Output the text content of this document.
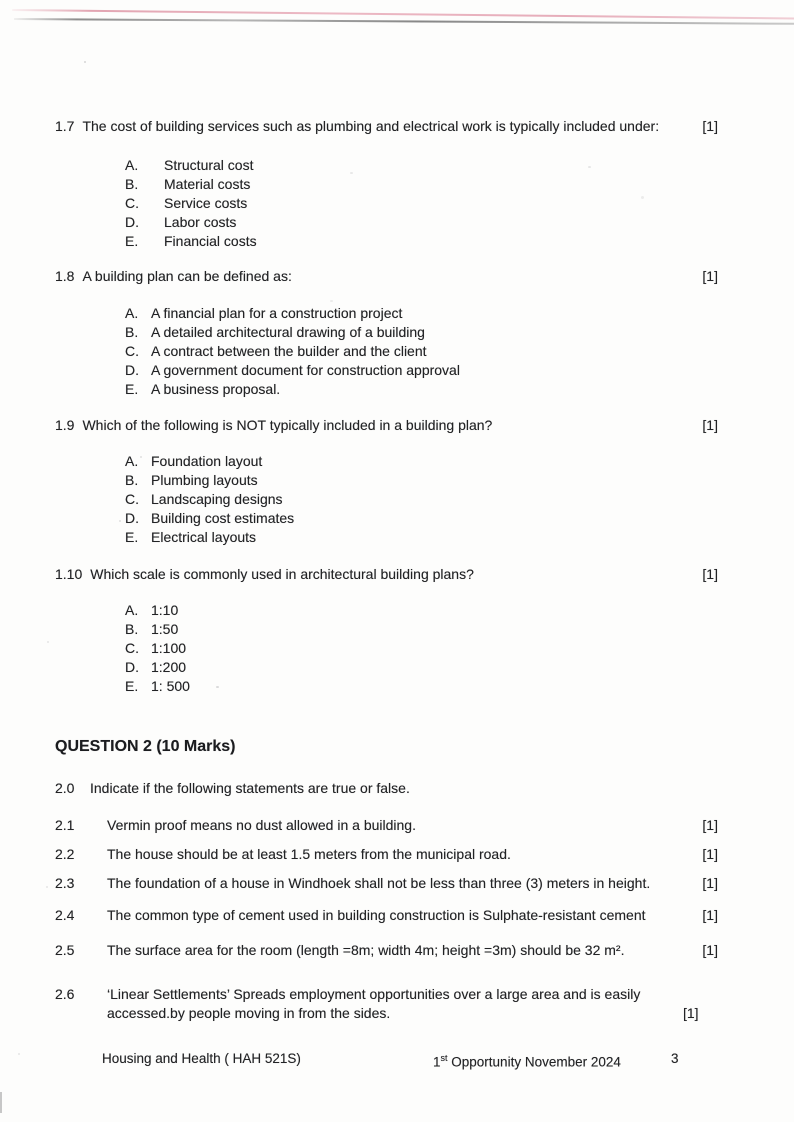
1.7 The cost of building services such as plumbing and electrical work is typically included under:	[1]
A.	Structural cost
B.	Material costs
C.	Service costs
D.	Labor costs
E.	Financial costs
1.8 A building plan can be defined as:	[1]
A. A financial plan for a construction project
B. A detailed architectural drawing of a building
C. A contract between the builder and the client
D. A government document for construction approval
E. A business proposal.
1.9 Which of the following is NOT typically included in a building plan?	[1]
A. Foundation layout
B. Plumbing layouts
C. Landscaping designs
D. Building cost estimates
E. Electrical layouts
1.10 Which scale is commonly used in architectural building plans?	[1]
A. 1:10
B. 1:50
C. 1:100
D. 1:200
E. 1: 500
QUESTION 2 (10 Marks)
2.0	Indicate if the following statements are true or false.
2.1	Vermin proof means no dust allowed in a building.	[1]
2.2	The house should be at least 1.5 meters from the municipal road.	[1]
2.3	The foundation of a house in Windhoek shall not be less than three (3) meters in height.	[1]
2.4	The common type of cement used in building construction is Sulphate-resistant cement	[1]
2.5	The surface area for the room (length =8m; width 4m; height =3m) should be 32 m².	[1]
2.6	‘Linear Settlements’ Spreads employment opportunities over a large area and is easily
accessed.by people moving in from the sides.	[1]
Housing and Health ( HAH 521S)	1st Opportunity November 2024	3
